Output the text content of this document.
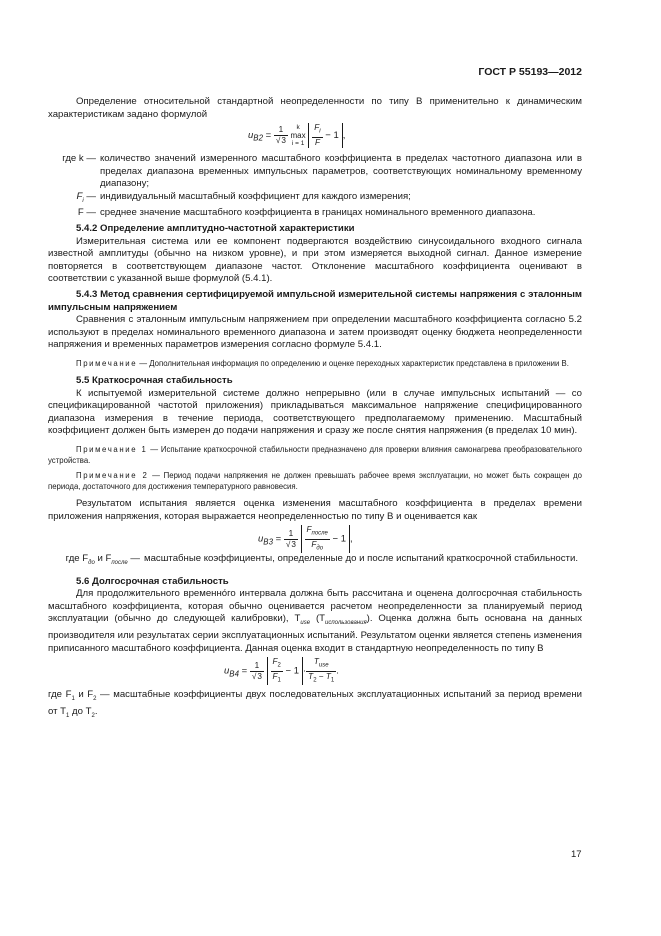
ГОСТ Р 55193—2012

Определение относительной стандартной неопределенности по типу В применительно к динамическим характеристикам задано формулой

$u_{B2} = \frac{1}{√3}$
	k
max
i = 1
$\frac{F_i}{F} - 1$ ,
где k — количество значений измеренного масштабного коэффициента в пределах частотного диапазона или в пределах диапазона временных импульсных параметров, соответствующих номинальному временному диапазону;
$F_i$ — индивидуальный масштабный коэффициент для каждого измерения;
F — среднее значение масштабного коэффициента в границах номинального временного диапазона.

5.4.2 Определение амплитудно-частотной характеристики

Измерительная система или ее компонент подвергаются воздействию синусоидального входного сигнала известной амплитуды (обычно на низком уровне), и при этом измеряется выходной сигнал. Данное измерение повторяется в соответствующем диапазоне частот. Отклонение масштабного коэффициента оценивают в соответствии с указанной выше формулой (5.4.1).

5.4.3 Метод сравнения сертифицируемой импульсной измерительной системы напряжения с эталонным импульсным напряжением

Сравнения с эталонным импульсным напряжением при определении масштабного коэффициента согласно 5.2 используют в пределах номинального временного диапазона и затем производят оценку бюджета неопределенности напряжения и временных параметров измерения согласно формуле 5.4.1.

Примечание — Дополнительная информация по определению и оценке переходных характеристик представлена в приложении В.

5.5 Краткосрочная стабильность

К испытуемой измерительной системе должно непрерывно (или в случае импульсных испытаний — со спецификацированной частотой приложения) прикладываться максимальное напряжение специфицированного диапазона измерения в течение периода, соответствующего предполагаемому применению. Масштабный коэффициент должен быть измерен до подачи напряжения и сразу же после снятия напряжения (в пределах 10 мин).

Примечание 1 — Испытание краткосрочной стабильности предназначено для проверки влияния самонагрева преобразовательного устройства.

Примечание 2 — Период подачи напряжения не должен превышать рабочее время эксплуатации, но может быть сокращен до периода, достаточного для достижения температурного равновесия.

Результатом испытания является оценка изменения масштабного коэффициента в пределах времени приложения напряжения, которая выражается неопределенностью по типу В и оценивается как

$u_{B3} = \frac{1}{√3}$
$F_{после}$
$F_{до}$
− 1 ,
где $F_{до}$ и $F_{после}$ — масштабные коэффициенты, определенные до и после испытаний краткосрочной стабильности.

5.6 Долгосрочная стабильность

Для продолжительного временно́го интервала должна быть рассчитана и оценена долгосрочная стабильность масштабного коэффициента, которая обычно оценивается расчетом неопределенности за планируемый период эксплуатации (обычно до следующей калибровки), $T_{use}$ $(T_{использования})$. Оценка должна быть основана на данных производителя или результатах серии эксплуатационных испытаний. Результатом оценки является степень изменения приписанного масштабного коэффициента. Данная оценка входит в стандартную неопределенность по типу В

$u_{B4} = \frac{1}{√3}$
$\frac{F_2}{F_1} - 1$ ·
$T_{use}$
$T_2 - T_1$
.

где $F_1$ и $F_2$ — масштабные коэффициенты двух последовательных эксплуатационных испытаний за период времени от $T_1$ до $T_2$.

17
